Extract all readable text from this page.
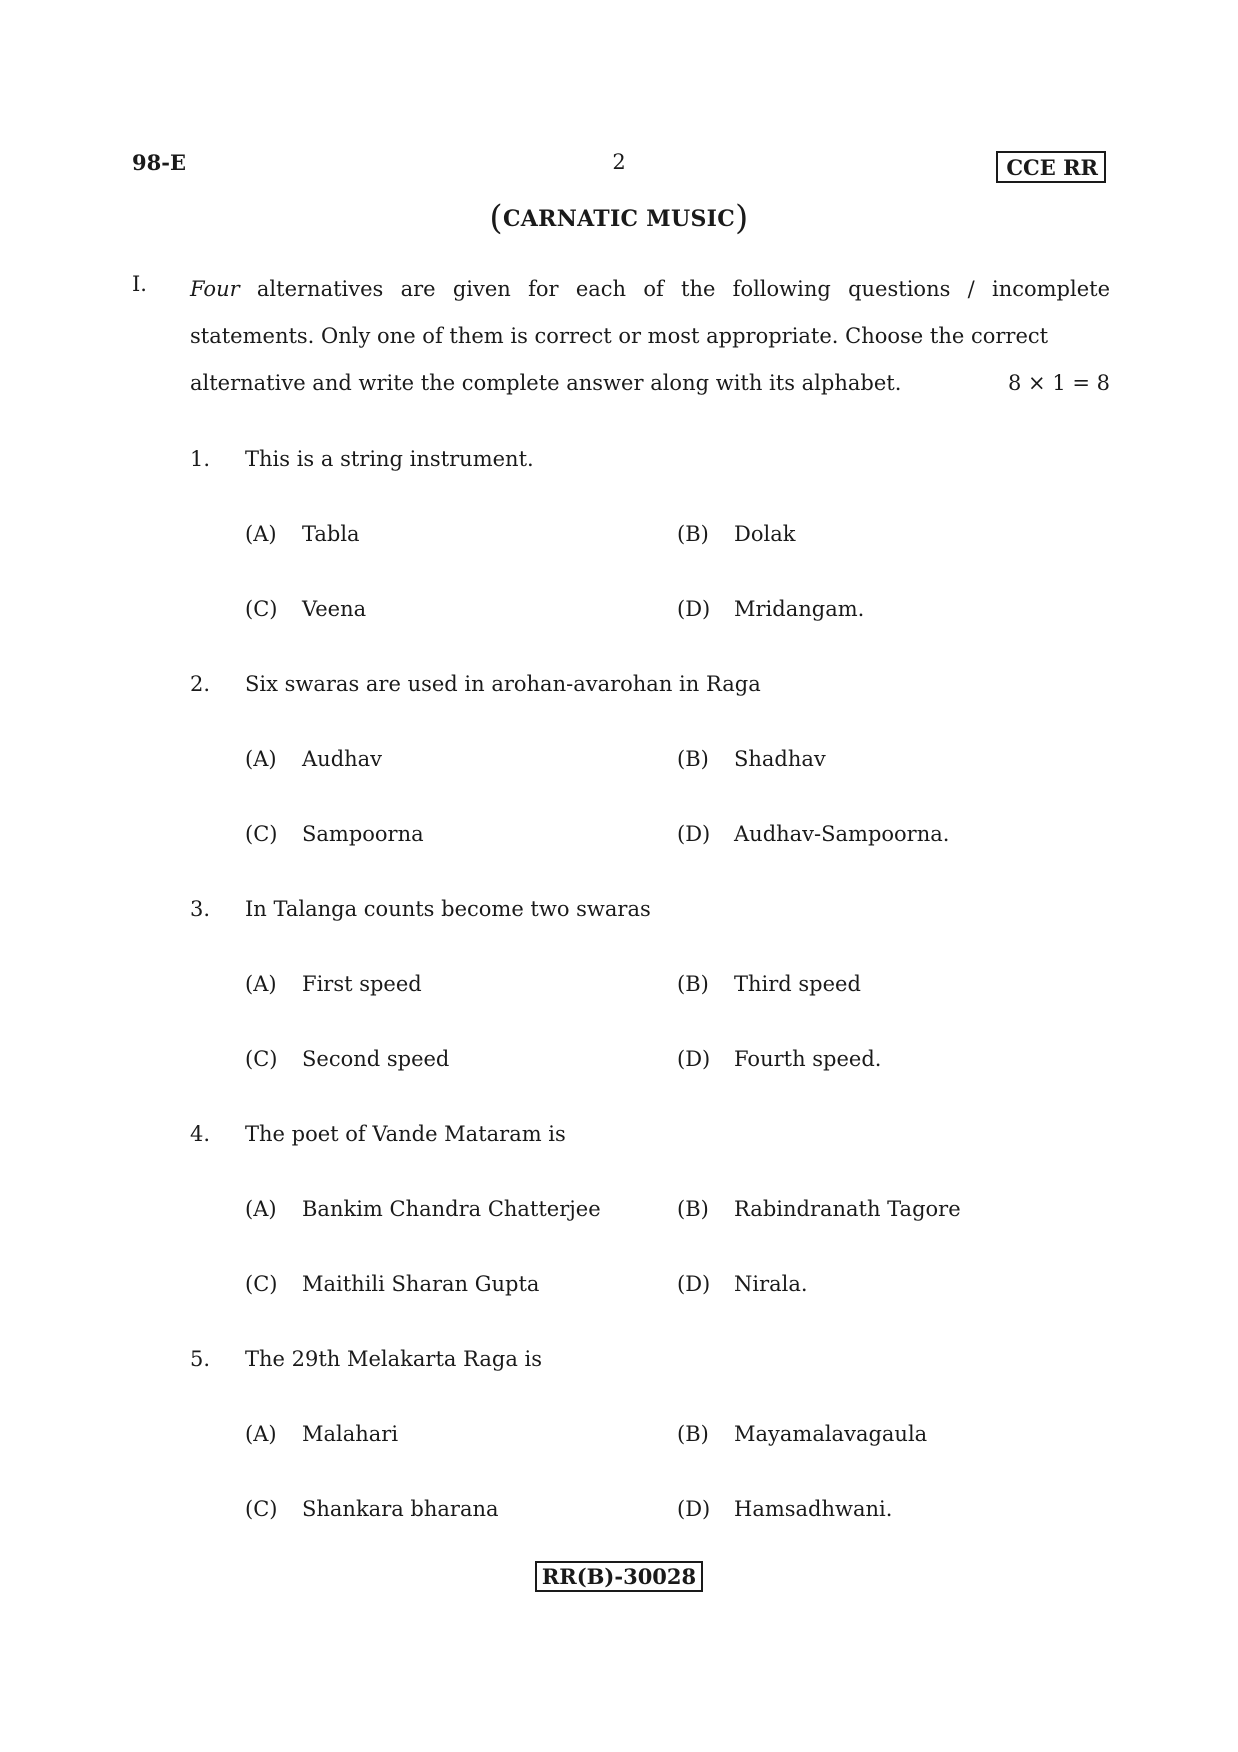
98-E	2	CCE RR
(CARNATIC MUSIC)
I. Four alternatives are given for each of the following questions / incomplete statements. Only one of them is correct or most appropriate. Choose the correct
alternative and write the complete answer along with its alphabet.	8 × 1 = 8
1. This is a string instrument.
(A) Tabla	(B) Dolak
(C) Veena	(D) Mridangam.
2. Six swaras are used in arohan-avarohan in Raga
(A) Audhav	(B) Shadhav
(C) Sampoorna	(D) Audhav-Sampoorna.
3. In Talanga counts become two swaras
(A) First speed	(B) Third speed
(C) Second speed	(D) Fourth speed.
4. The poet of Vande Mataram is
(A) Bankim Chandra Chatterjee	(B) Rabindranath Tagore
(C) Maithili Sharan Gupta	(D) Nirala.
5. The 29th Melakarta Raga is
(A) Malahari	(B) Mayamalavagaula
(C) Shankara bharana	(D) Hamsadhwani.
RR(B)-30028
